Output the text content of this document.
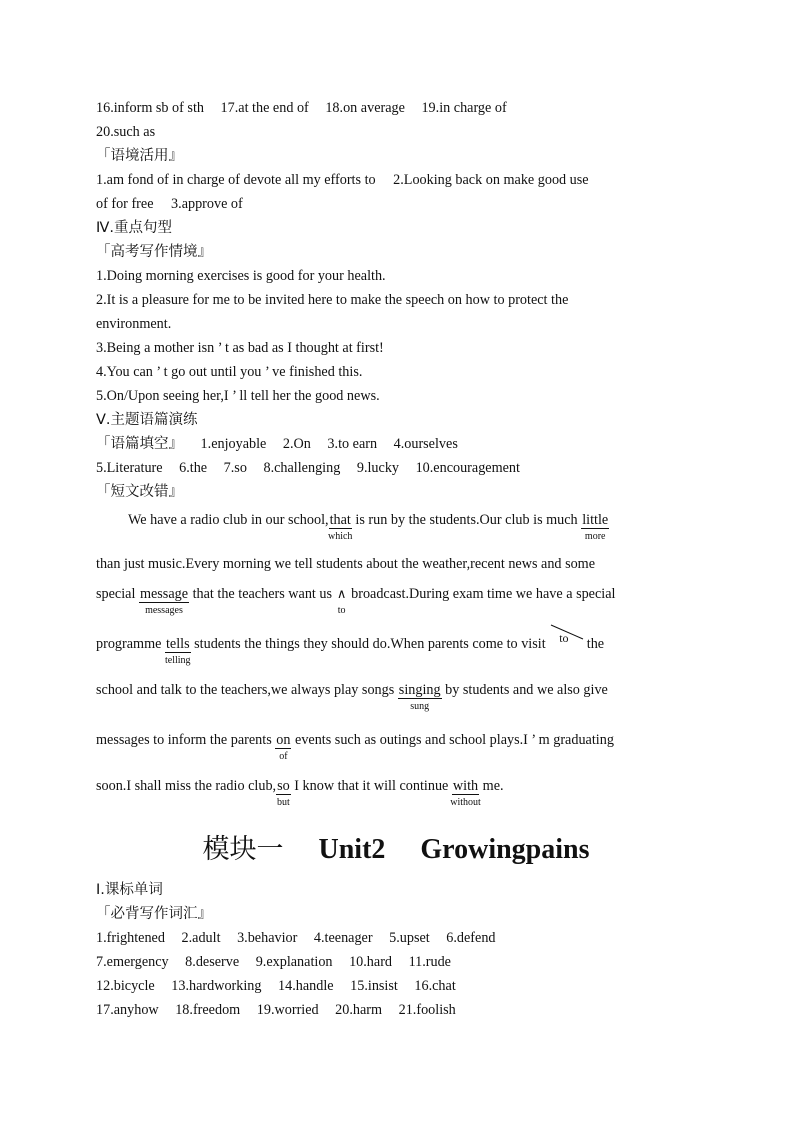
16.inform sb of sth 17.at the end of 18.on average 19.in charge of
20.such as
「语境活用』
1.am fond of in charge of devote all my efforts to 2.Looking back on make good use
of for free 3.approve of
Ⅳ.重点句型
「高考写作情境』
1.Doing morning exercises is good for your health.
2.It is a pleasure for me to be invited here to make the speech on how to protect the
environment.
3.Being a mother isn ’ t as bad as I thought at first!
4.You can ’ t go out until you ’ ve finished this.
5.On/Upon seeing her,I ’ ll tell her the good news.
Ⅴ.主题语篇演练
「语篇填空』 1.enjoyable 2.On 3.to earn 4.ourselves
5.Literature 6.the 7.so 8.challenging 9.lucky 10.encouragement
「短文改错』
We have a radio club in our school,that
which
is run by the students.Our club is much little
more
than just music.Every morning we tell students about the weather,recent news and some
special message
messages
that the teachers want us ∧
to
broadcast.During exam time we have a special
programme tells
telling
students the things they should do.When parents come to visit to the
school and talk to the teachers,we always play songs singing
sung
by students and we also give
messages to inform the parents on
of
events such as outings and school plays.I ’ m graduating
soon.I shall miss the radio club,so
but
I know that it will continue with
without
me.
模块一 Unit2 Growingpains
Ⅰ.课标单词
「必背写作词汇』
1.frightened 2.adult 3.behavior 4.teenager 5.upset 6.defend
7.emergency 8.deserve 9.explanation 10.hard 11.rude
12.bicycle 13.hardworking 14.handle 15.insist 16.chat
17.anyhow 18.freedom 19.worried 20.harm 21.foolish
